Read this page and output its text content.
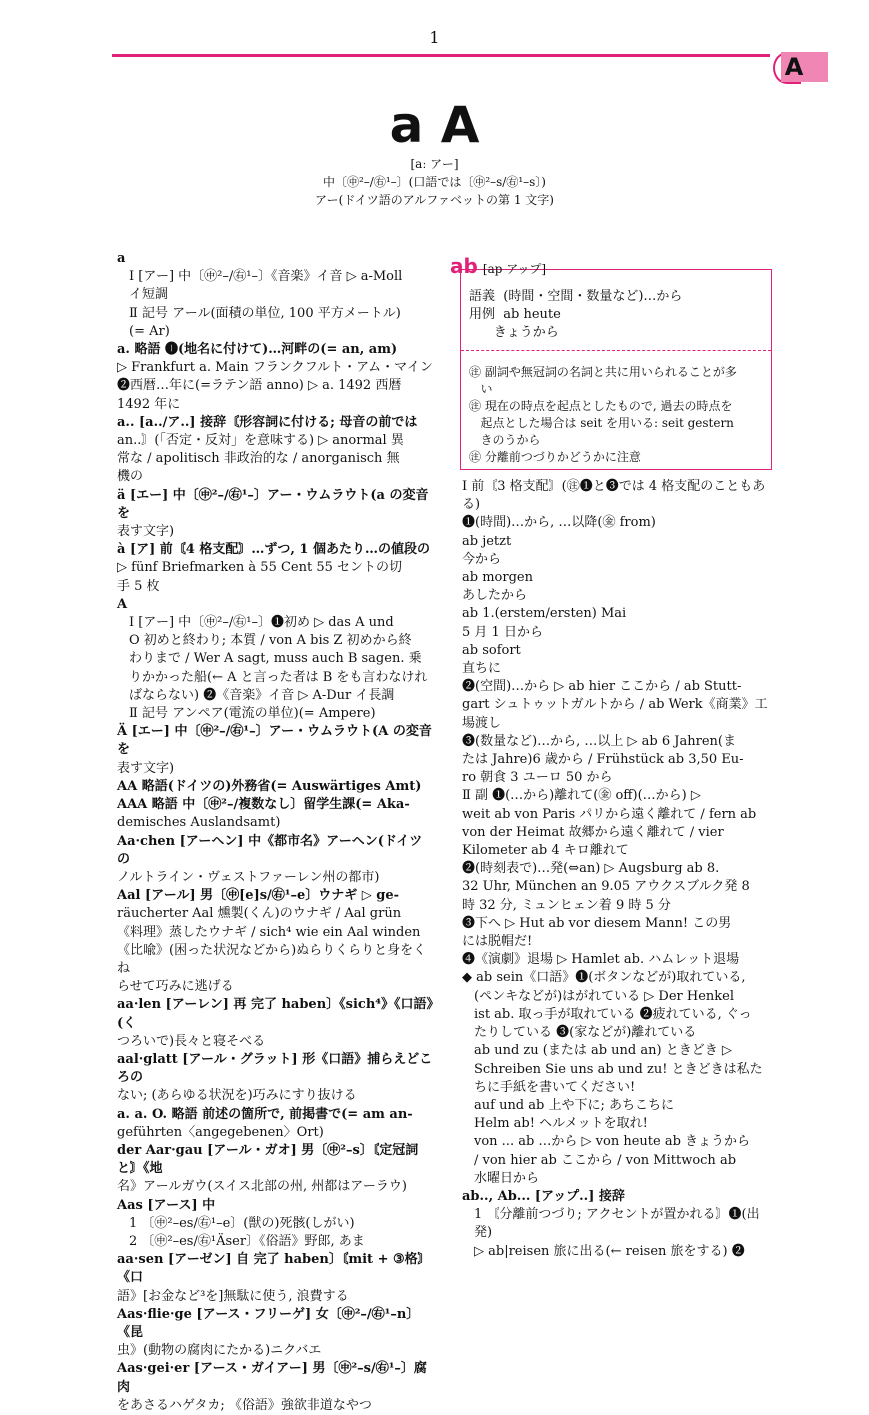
1
A
a A
[aː アー]
中〔㊥²–/㊨¹–〕(口語では〔㊥²–s/㊨¹–s〕)
アー(ドイツ語のアルファベットの第 1 文字)

a

Ⅰ [アー] 中〔㊥²–/㊨¹–〕《音楽》イ音 ▷ a-Moll

イ短調

Ⅱ 記号 アール(面積の単位, 100 平方メートル)

(= Ar)

a. 略語 ❶(地名に付けて)…河畔の(= an, am)

▷ Frankfurt a. Main フランクフルト・アム・マイン

❷西暦…年に(=ラテン語 anno) ▷ a. 1492 西暦

1492 年に

a.. [a../ア..] 接辞〘形容詞に付ける; 母音の前では

an..〙(「否定・反対」を意味する) ▷ anormal 異

常な / apolitisch 非政治的な / anorganisch 無

機の

ä [エー] 中〔㊥²–/㊨¹–〕アー・ウムラウト(a の変音を

表す文字)

à [ア] 前〘4 格支配〙…ずつ, 1 個あたり…の値段の

▷ fünf Briefmarken à 55 Cent 55 セントの切

手 5 枚

A

Ⅰ [アー] 中〔㊥²–/㊨¹–〕❶初め ▷ das A und

O 初めと終わり; 本質 / von A bis Z 初めから終

わりまで / Wer A sagt, muss auch B sagen. 乗

りかかった船(← A と言った者は B をも言わなけれ

ばならない) ❷《音楽》イ音 ▷ A-Dur イ長調

Ⅱ 記号 アンペア(電流の単位)(= Ampere)

Ä [エー] 中〔㊥²–/㊨¹–〕アー・ウムラウト(A の変音を

表す文字)

AA 略語(ドイツの)外務省(= Auswärtiges Amt)

AAA 略語 中〔㊥²–/複数なし〕留学生課(= Aka-

demisches Auslandsamt)

Aa·chen [アーヘン] 中《都市名》アーヘン(ドイツの

ノルトライン・ヴェストファーレン州の都市)

Aal [アール] 男〔㊥[e]s/㊨¹–e〕ウナギ ▷ ge-

räucherter Aal 燻製(くん)のウナギ / Aal grün

《料理》蒸したウナギ / sich⁴ wie ein Aal winden

《比喩》(困った状況などから)ぬらりくらりと身をくね

らせて巧みに逃げる

aa·len [アーレン] 再 完了 haben〕《sich⁴》《口語》(く

つろいで)長々と寝そべる

aal·glatt [アール・グラット] 形《口語》捕らえどころの

ない; (あらゆる状況を)巧みにすり抜ける

a. a. O. 略語 前述の箇所で, 前掲書で(= am an-

geführten〈angegebenen〉Ort)

der Aar·gau [アール・ガオ] 男〔㊥²–s〕〘定冠詞と〙《地

名》アールガウ(スイス北部の州, 州都はアーラウ)

Aas [アース] 中

1 〔㊥²–es/㊨¹–e〕(獣の)死骸(しがい)

2 〔㊥²–es/㊨¹Äser〕《俗語》野郎, あま

aa·sen [アーゼン] 自 完了 haben〕〘mit + ③格〙《口

語》[お金など³を]無駄に使う, 浪費する

Aas·flie·ge [アース・フリーゲ] 女〔㊥²–/㊨¹–n〕《昆

虫》(動物の腐肉にたかる)ニクバエ

Aas·gei·er [アース・ガイアー] 男〔㊥²–s/㊨¹–〕腐肉

をあさるハゲタカ; 《俗語》強欲非道なやつ

語義  (時間・空間・数量など)…から
用例  ab heute
きょうから
㊟ 副詞や無冠詞の名詞と共に用いられることが多
い
㊟ 現在の時点を起点としたもので, 過去の時点を
起点とした場合は seit を用いる: seit gestern
きのうから
㊟ 分離前つづりかどうかに注意
ab [ap アップ]

Ⅰ 前〘3 格支配〙(㊟❶と❸では 4 格支配のこともある)

❶(時間)…から, …以降(㊎ from)

ab jetzt

今から

ab morgen

あしたから

ab 1.(erstem/ersten) Mai

5 月 1 日から

ab sofort

直ちに

❷(空間)…から ▷ ab hier ここから / ab Stutt-

gart シュトゥットガルトから / ab Werk《商業》工

場渡し

❸(数量など)…から, …以上 ▷ ab 6 Jahren(ま

たは Jahre)6 歳から / Frühstück ab 3,50 Eu-

ro 朝食 3 ユーロ 50 から

Ⅱ 副 ❶(…から)離れて(㊎ off)(…から) ▷

weit ab von Paris パリから遠く離れて / fern ab

von der Heimat 故郷から遠く離れて / vier

Kilometer ab 4 キロ離れて

❷(時刻表で)…発(⇔an) ▷ Augsburg ab 8.

32 Uhr, München an 9.05 アウクスブルク発 8

時 32 分, ミュンヒェン着 9 時 5 分

❸下へ ▷ Hut ab vor diesem Mann! この男

には脱帽だ!

❹《演劇》退場 ▷ Hamlet ab. ハムレット退場

◆ ab sein《口語》❶(ボタンなどが)取れている,

(ペンキなどが)はがれている ▷ Der Henkel

ist ab. 取っ手が取れている ❷疲れている, ぐっ

たりしている ❸(家などが)離れている

ab und zu (または ab und an) ときどき ▷

Schreiben Sie uns ab und zu! ときどきは私た

ちに手紙を書いてください!

auf und ab 上や下に; あちこちに

Helm ab! ヘルメットを取れ!

von ... ab …から ▷ von heute ab きょうから

/ von hier ab ここから / von Mittwoch ab

水曜日から

ab.., Ab... [アップ..] 接辞

1 〘分離前つづり; アクセントが置かれる〙❶(出発)

▷ ab|reisen 旅に出る(← reisen 旅をする) ❷
